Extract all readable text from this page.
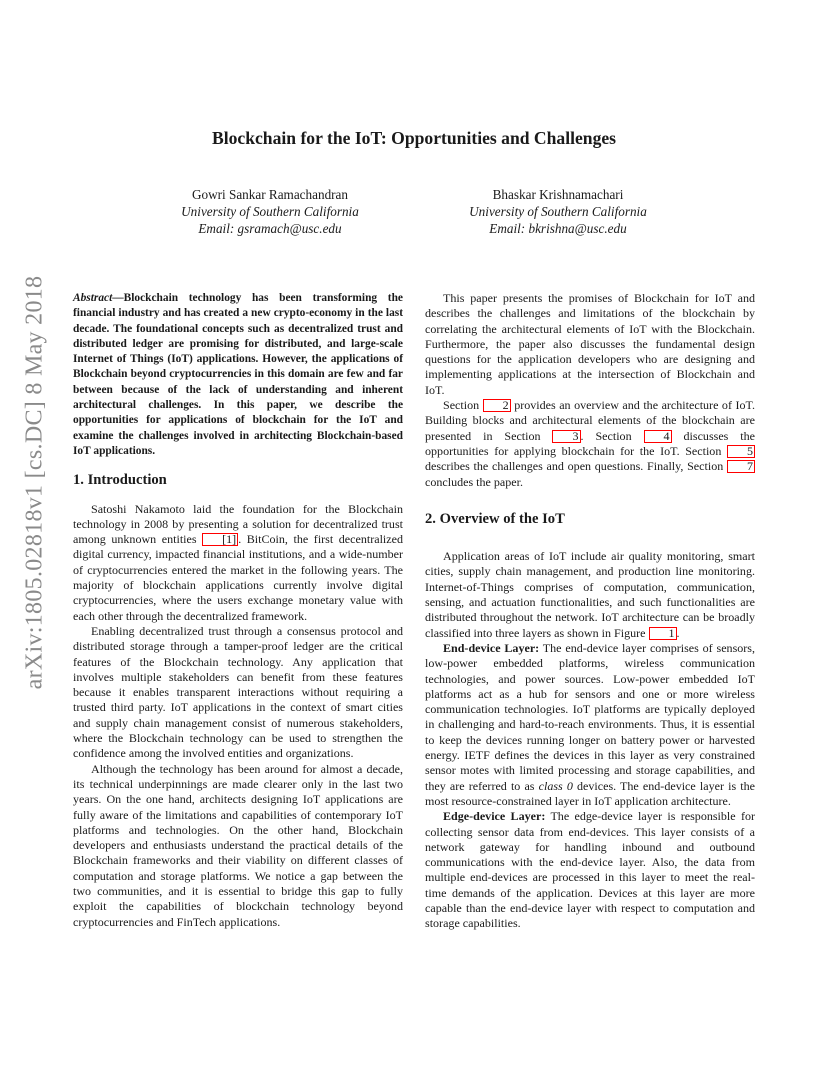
arXiv:1805.02818v1 [cs.DC] 8 May 2018
Blockchain for the IoT: Opportunities and Challenges
Gowri Sankar Ramachandran
University of Southern California
Email: gsramach@usc.edu
Bhaskar Krishnamachari
University of Southern California
Email: bkrishna@usc.edu

Abstract—Blockchain technology has been transforming the financial industry and has created a new crypto-economy in the last decade. The foundational concepts such as decentralized trust and distributed ledger are promising for distributed, and large-scale Internet of Things (IoT) applications. However, the applications of Blockchain beyond cryptocurrencies in this domain are few and far between because of the lack of understanding and inherent architectural challenges. In this paper, we describe the opportunities for applications of blockchain for the IoT and examine the challenges involved in architecting Blockchain-based IoT applications.

1. Introduction

Satoshi Nakamoto laid the foundation for the Blockchain technology in 2008 by presenting a solution for decentralized trust among unknown entities [1] . BitCoin, the first decentralized digital currency, impacted financial institutions, and a wide-number of cryptocurrencies entered the market in the following years. The majority of blockchain applications currently involve digital cryptocurrencies, where the users exchange monetary value with each other through the decentralized framework.

Enabling decentralized trust through a consensus protocol and distributed storage through a tamper-proof ledger are the critical features of the Blockchain technology. Any application that involves multiple stakeholders can benefit from these features because it enables transparent interactions without requiring a trusted third party. IoT applications in the context of smart cities and supply chain management consist of numerous stakeholders, where the Blockchain technology can be used to strengthen the confidence among the involved entities and organizations.

Although the technology has been around for almost a decade, its technical underpinnings are made clearer only in the last two years. On the one hand, architects designing IoT applications are fully aware of the limitations and capabilities of contemporary IoT platforms and technologies. On the other hand, Blockchain developers and enthusiasts understand the practical details of the Blockchain frameworks and their viability on different classes of computation and storage platforms. We notice a gap between the two communities, and it is essential to bridge this gap to fully exploit the capabilities of blockchain technology beyond cryptocurrencies and FinTech applications.

This paper presents the promises of Blockchain for IoT and describes the challenges and limitations of the blockchain by correlating the architectural elements of IoT with the Blockchain. Furthermore, the paper also discusses the fundamental design questions for the application developers who are designing and implementing applications at the intersection of Blockchain and IoT.

Section 2 provides an overview and the architecture of IoT. Building blocks and architectural elements of the blockchain are presented in Section 3 . Section 4 discusses the opportunities for applying blockchain for the IoT. Section 5 describes the challenges and open questions. Finally, Section 7 concludes the paper.

2. Overview of the IoT

Application areas of IoT include air quality monitoring, smart cities, supply chain management, and production line monitoring. Internet-of-Things comprises of computation, communication, sensing, and actuation functionalities, and such functionalities are distributed throughout the network. IoT architecture can be broadly classified into three layers as shown in Figure 1 .

End-device Layer: The end-device layer comprises of sensors, low-power embedded platforms, wireless communication technologies, and power sources. Low-power embedded IoT platforms act as a hub for sensors and one or more wireless communication technologies. IoT platforms are typically deployed in challenging and hard-to-reach environments. Thus, it is essential to keep the devices running longer on battery power or harvested energy. IETF defines the devices in this layer as very constrained sensor motes with limited processing and storage capabilities, and they are referred to as class 0 devices. The end-device layer is the most resource-constrained layer in IoT application architecture.

Edge-device Layer: The edge-device layer is responsible for collecting sensor data from end-devices. This layer consists of a network gateway for handling inbound and outbound communications with the end-device layer. Also, the data from multiple end-devices are processed in this layer to meet the real-time demands of the application. Devices at this layer are more capable than the end-device layer with respect to computation and storage capabilities.
